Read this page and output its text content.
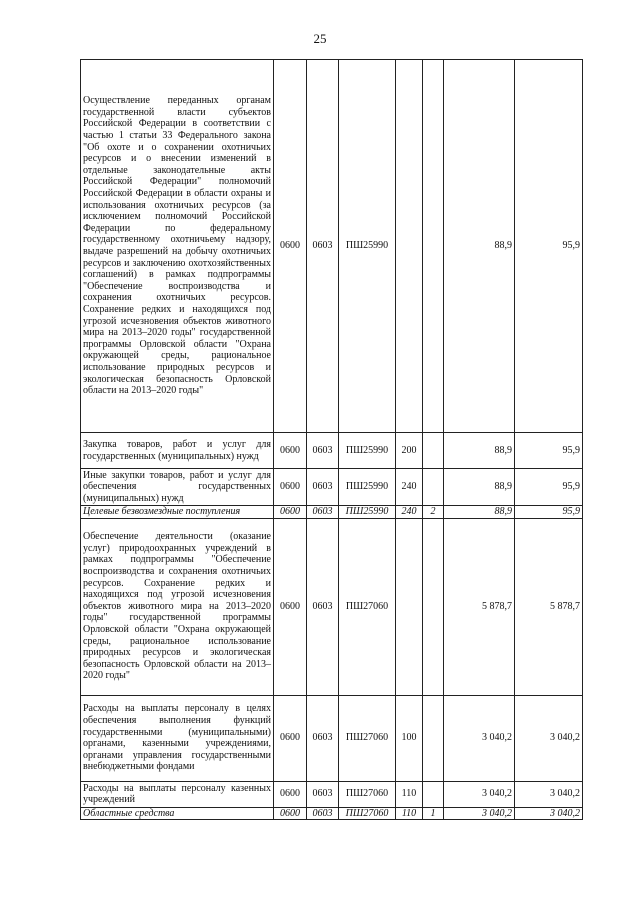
25
Осуществление переданных органам государственной власти субъектов Российской Федерации в соответствии с частью 1 статьи 33 Федерального закона "Об охоте и о сохранении охотничьих ресурсов и о внесении изменений в отдельные законодательные акты Российской Федерации" полномочий Российской Федерации в области охраны и использования охотничьих ресурсов (за исключением полномочий Российской Федерации по федеральному государственному охотничьему надзору, выдаче разрешений на добычу охотничьих ресурсов и заключению охотхозяйственных соглашений) в рамках подпрограммы "Обеспечение воспроизводства и сохранения охотничьих ресурсов. Сохранение редких и находящихся под угрозой исчезновения объектов животного мира на 2013–2020 годы" государственной программы Орловской области "Охрана окружающей среды, рациональное использование природных ресурсов и экологическая безопасность Орловской области на 2013–2020 годы"	0600	0603	ПШ25990			88,9	95,9
Закупка товаров, работ и услуг для государственных (муниципальных) нужд	0600	0603	ПШ25990	200		88,9	95,9
Иные закупки товаров, работ и услуг для обеспечения государственных (муниципальных) нужд	0600	0603	ПШ25990	240		88,9	95,9
Целевые безвозмездные поступления	0600	0603	ПШ25990	240	2	88,9	95,9
Обеспечение деятельности (оказание услуг) природоохранных учреждений в рамках подпрограммы "Обеспечение воспроизводства и сохранения охотничьих ресурсов. Сохранение редких и находящихся под угрозой исчезновения объектов животного мира на 2013–2020 годы" государственной программы Орловской области "Охрана окружающей среды, рациональное использование природных ресурсов и экологическая безопасность Орловской области на 2013–2020 годы"	0600	0603	ПШ27060			5 878,7	5 878,7
Расходы на выплаты персоналу в целях обеспечения выполнения функций государственными (муниципальными) органами, казенными учреждениями, органами управления государственными внебюджетными фондами	0600	0603	ПШ27060	100		3 040,2	3 040,2
Расходы на выплаты персоналу казенных учреждений	0600	0603	ПШ27060	110		3 040,2	3 040,2
Областные средства	0600	0603	ПШ27060	110	1	3 040,2	3 040,2
